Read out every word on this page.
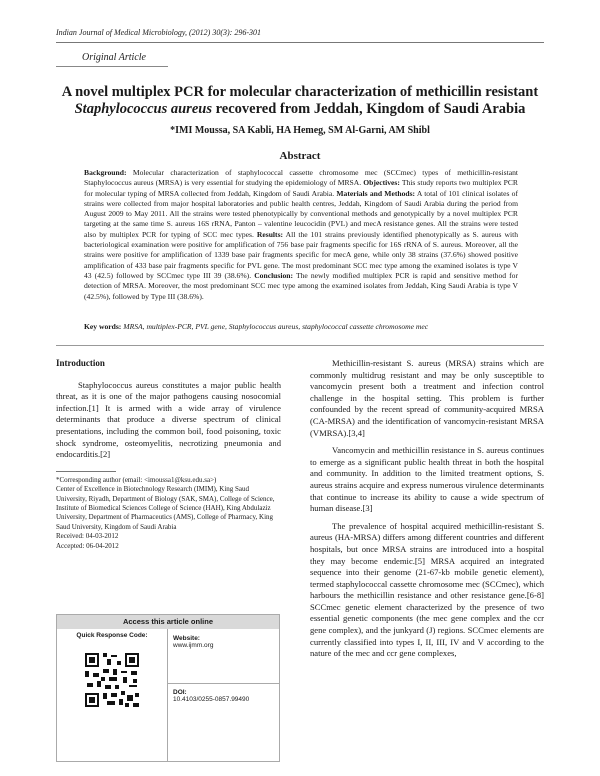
Indian Journal of Medical Microbiology, (2012) 30(3): 296-301
Original Article
A novel multiplex PCR for molecular characterization of methicillin resistant
Staphylococcus aureus recovered from Jeddah, Kingdom of Saudi Arabia
*IMI Moussa, SA Kabli, HA Hemeg, SM Al-Garni, AM Shibl
Abstract
Background: Molecular characterization of staphylococcal cassette chromosome mec (SCCmec) types of methicillin-resistant Staphylococcus aureus (MRSA) is very essential for studying the epidemiology of MRSA. Objectives: This study reports two multiplex PCR for molecular typing of MRSA collected from Jeddah, Kingdom of Saudi Arabia. Materials and Methods: A total of 101 clinical isolates of strains were collected from major hospital laboratories and public health centres, Jeddah, Kingdom of Saudi Arabia during the period from August 2009 to May 2011. All the strains were tested phenotypically by conventional methods and genotypically by a novel multiplex PCR targeting at the same time S. aureus 16S rRNA, Panton – valentine leucocidin (PVL) and mecA resistance genes. All the strains were tested also by multiplex PCR for typing of SCC mec types. Results: All the 101 strains previously identified phenotypically as S. aureus with bacteriological examination were positive for amplification of 756 base pair fragments specific for 16S rRNA of S. aureus. Moreover, all the strains were positive for amplification of 1339 base pair fragments specific for mecA gene, while only 38 strains (37.6%) showed positive amplification of 433 base pair fragments specific for PVL gene. The most predominant SCC mec type among the examined isolates is type V 43 (42.5) followed by SCCmec type III 39 (38.6%). Conclusion: The newly modified multiplex PCR is rapid and sensitive method for detection of MRSA. Moreover, the most predominant SCC mec type among the examined isolates from Jeddah, King Saudi Arabia is type V (42.5%), followed by Type III (38.6%).
Key words: MRSA, multiplex-PCR, PVL gene, Staphylococcus aureus, staphylococcal cassette chromosome mec
Introduction

Staphylococcus aureus constitutes a major public health threat, as it is one of the major pathogens causing nosocomial infection.[1] It is armed with a wide array of virulence determinants that produce a diverse spectrum of clinical presentations, including the common boil, food poisoning, toxic shock syndrome, osteomyelitis, necrotizing pneumonia and endocarditis.[2]

*Corresponding author (email: <imoussa1@ksu.edu.sa>)
Center of Excellence in Biotechnology Research (IMIM), King Saud University, Riyadh, Department of Biology (SAK, SMA), College of Science, Institute of Biomedical Sciences College of Science (HAH), King Abdulaziz University, Department of Pharmaceutics (AMS), College of Pharmacy, King Saud University, Kingdom of Saudi Arabia
Received: 04-03-2012
Accepted: 06-04-2012
Access this article online
Quick Response Code:	Website:
www.ijmm.org
DOI:
10.4103/0255-0857.99490

Methicillin-resistant S. aureus (MRSA) strains which are commonly multidrug resistant and may be only susceptible to vancomycin present both a treatment and infection control challenge in the hospital setting. This problem is further confounded by the recent spread of community-acquired MRSA (CA-MRSA) and the identification of vancomycin-resistant MRSA (VMRSA).[3,4]

Vancomycin and methicillin resistance in S. aureus continues to emerge as a significant public health threat in both the hospital and community. In addition to the limited treatment options, S. aureus strains acquire and express numerous virulence determinants that continue to increase its ability to cause a wide spectrum of human disease.[3]

The prevalence of hospital acquired methicillin-resistant S. aureus (HA-MRSA) differs among different countries and different hospitals, but once MRSA strains are introduced into a hospital they may become endemic.[5] MRSA acquired an integrated sequence into their genome (21-67-kb mobile genetic element), termed staphylococcal cassette chromosome mec (SCCmec), which harbours the methicillin resistance and other resistance gene.[6-8] SCCmec genetic element characterized by the presence of two essential genetic components (the mec gene complex and the ccr gene complex), and the junkyard (J) regions. SCCmec elements are currently classified into types I, II, III, IV and V according to the nature of the mec and ccr gene complexes,
